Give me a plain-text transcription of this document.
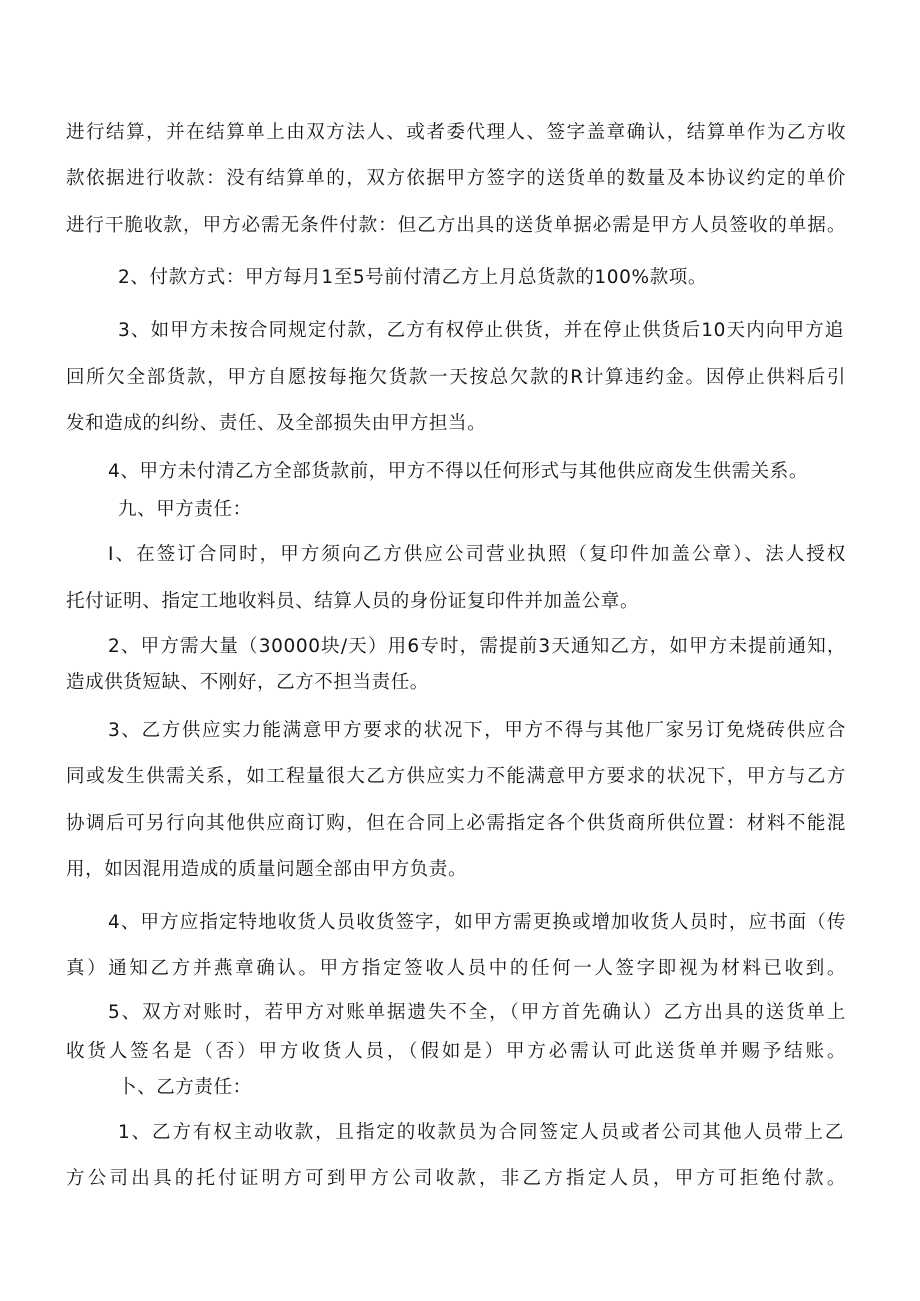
进行结算，并在结算单上由双方法人、或者委代理人、签字盖章确认，结算单作为乙方收
款依据进行收款：没有结算单的，双方依据甲方签字的送货单的数量及本协议约定的单价
进行干脆收款，甲方必需无条件付款：但乙方出具的送货单据必需是甲方人员签收的单据。
2、付款方式：甲方每月1至5号前付清乙方上月总货款的100%款项。
3、如甲方未按合同规定付款，乙方有权停止供货，并在停止供货后10天内向甲方追
回所欠全部货款，甲方自愿按每拖欠货款一天按总欠款的R计算违约金。因停止供料后引
发和造成的纠纷、责任、及全部损失由甲方担当。
4、甲方未付清乙方全部货款前，甲方不得以任何形式与其他供应商发生供需关系。
九、甲方责任：
I、在签订合同时，甲方须向乙方供应公司营业执照（复印件加盖公章）、法人授权
托付证明、指定工地收料员、结算人员的身份证复印件并加盖公章。
2、甲方需大量（30000块/天）用6专时，需提前3天通知乙方，如甲方未提前通知，
造成供货短缺、不刚好，乙方不担当责任。
3、乙方供应实力能满意甲方要求的状况下，甲方不得与其他厂家另订免烧砖供应合
同或发生供需关系，如工程量很大乙方供应实力不能满意甲方要求的状况下，甲方与乙方
协调后可另行向其他供应商订购，但在合同上必需指定各个供货商所供位置：材料不能混
用，如因混用造成的质量问题全部由甲方负责。
4、甲方应指定特地收货人员收货签字，如甲方需更换或增加收货人员时，应书面（传
真）通知乙方并燕章确认。甲方指定签收人员中的任何一人签字即视为材料已收到。
5、双方对账时，若甲方对账单据遗失不全，（甲方首先确认）乙方出具的送货单上
收货人签名是（否）甲方收货人员，（假如是）甲方必需认可此送货单并赐予结账。
卜、乙方责任：
1、乙方有权主动收款，且指定的收款员为合同签定人员或者公司其他人员带上乙
方公司出具的托付证明方可到甲方公司收款，非乙方指定人员，甲方可拒绝付款。
